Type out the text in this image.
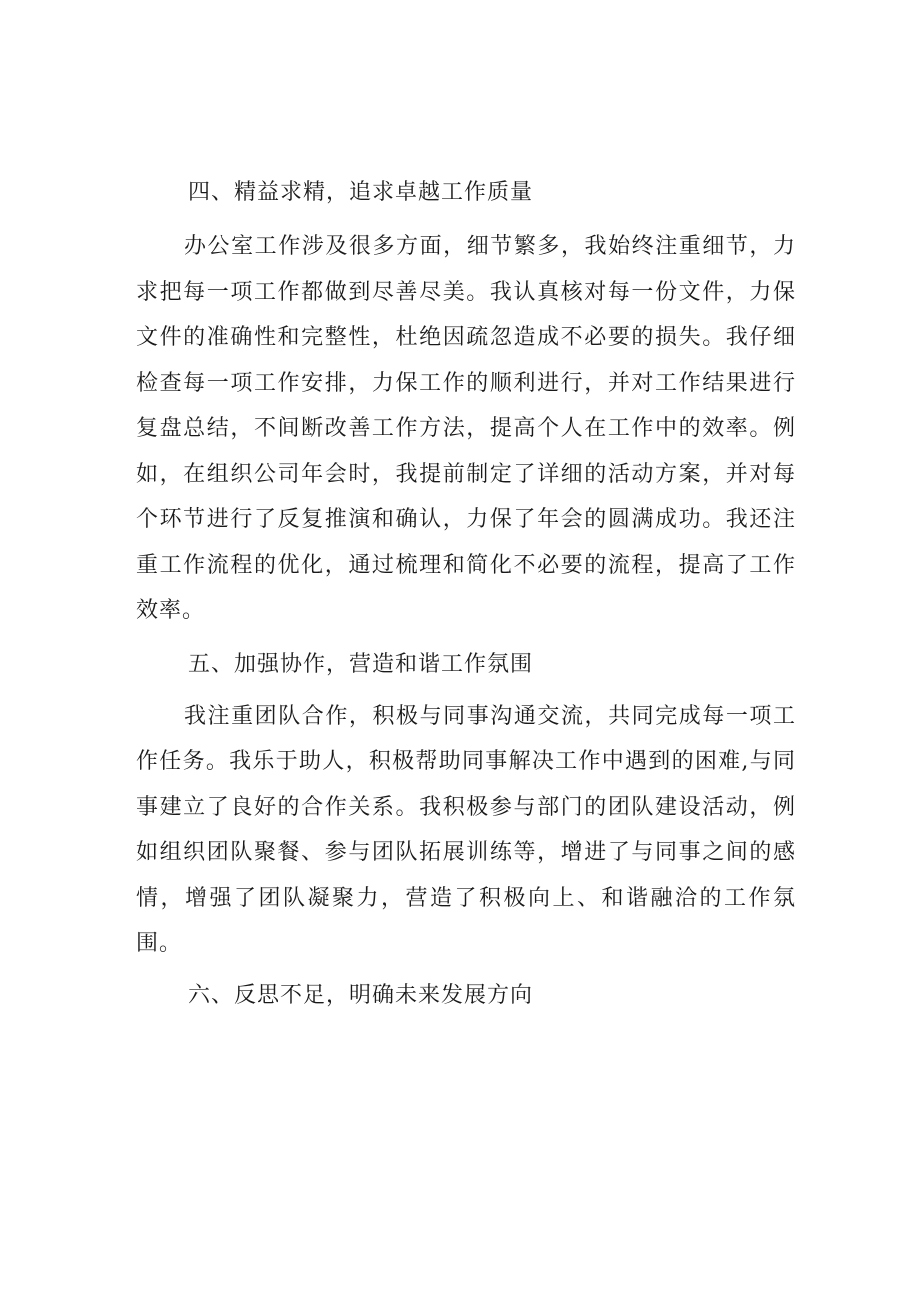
四、精益求精，追求卓越工作质量

办公室工作涉及很多方面，细节繁多，我始终注重细节，力求把每一项工作都做到尽善尽美。我认真核对每一份文件，力保文件的准确性和完整性，杜绝因疏忽造成不必要的损失。我仔细检查每一项工作安排，力保工作的顺利进行，并对工作结果进行复盘总结，不间断改善工作方法，提高个人在工作中的效率。例如，在组织公司年会时，我提前制定了详细的活动方案，并对每个环节进行了反复推演和确认，力保了年会的圆满成功。我还注重工作流程的优化，通过梳理和简化不必要的流程，提高了工作效率。

五、加强协作，营造和谐工作氛围

我注重团队合作，积极与同事沟通交流，共同完成每一项工作任务。我乐于助人，积极帮助同事解决工作中遇到的困难,与同事建立了良好的合作关系。我积极参与部门的团队建设活动，例如组织团队聚餐、参与团队拓展训练等，增进了与同事之间的感情，增强了团队凝聚力，营造了积极向上、和谐融洽的工作氛围。

六、反思不足，明确未来发展方向
